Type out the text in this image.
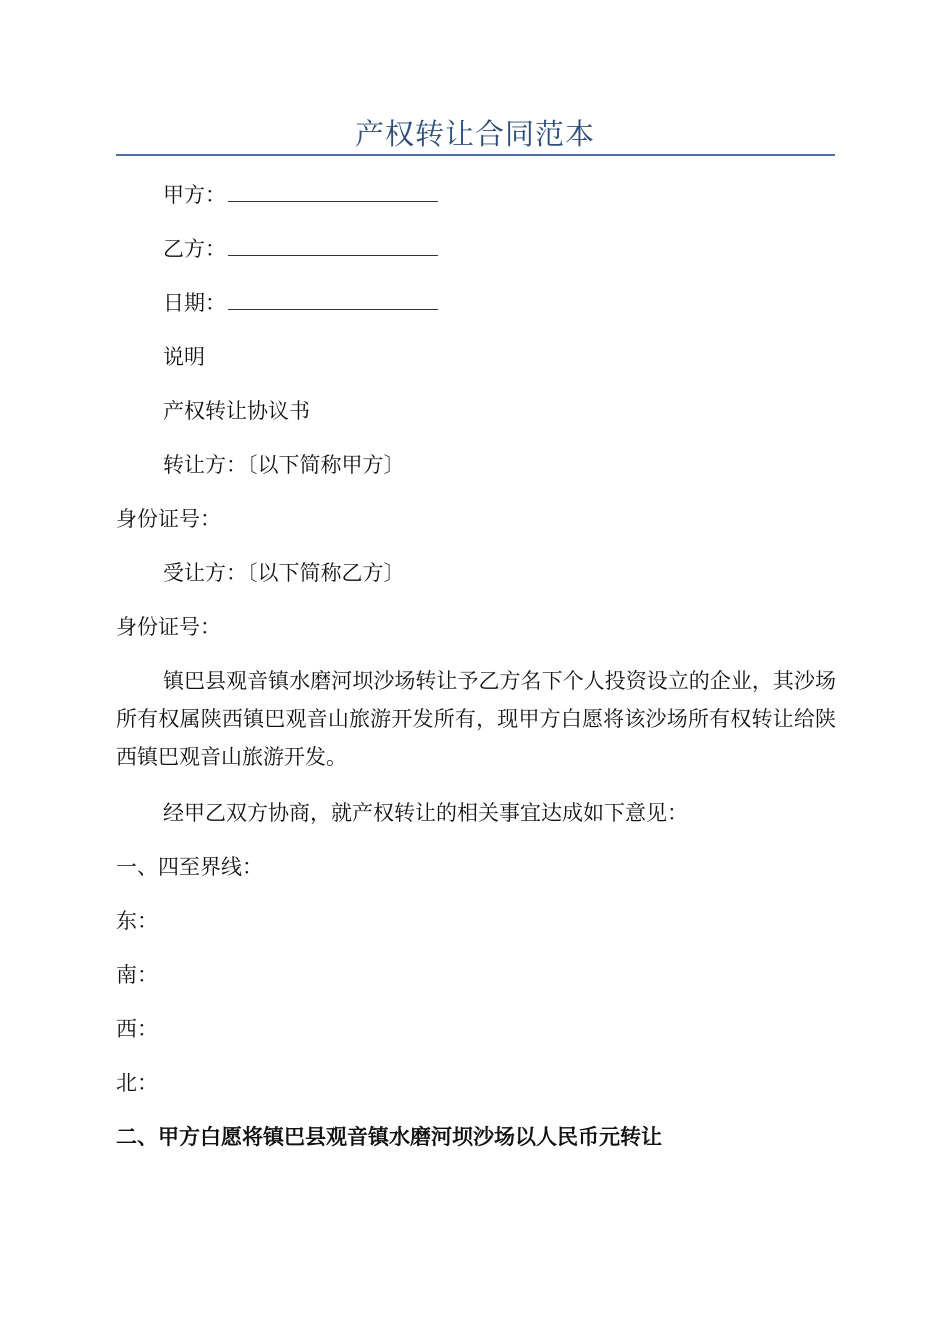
产权转让合同范本
甲方：
乙方：
日期：
说明
产权转让协议书
转让方：〔以下简称甲方〕
身份证号：
受让方：〔以下简称乙方〕
身份证号：
镇巴县观音镇水磨河坝沙场转让予乙方名下个人投资设立的企业，其沙场所有权属陕西镇巴观音山旅游开发所有，现甲方白愿将该沙场所有权转让给陕西镇巴观音山旅游开发。
经甲乙双方协商，就产权转让的相关事宜达成如下意见：
一、四至界线：
东：
南：
西：
北：
二、甲方白愿将镇巴县观音镇水磨河坝沙场以人民币元转让
